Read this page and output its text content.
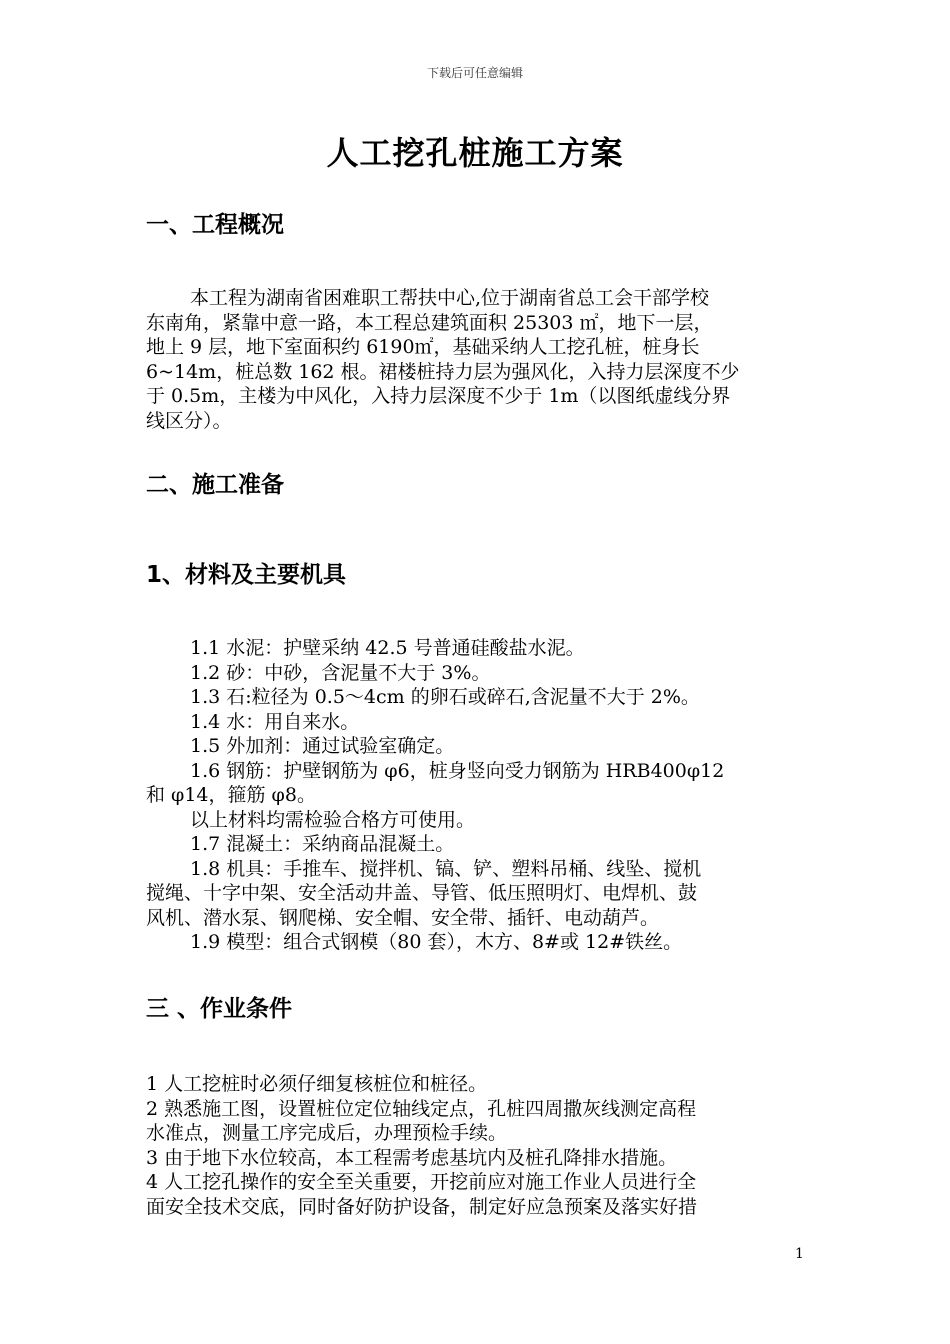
下载后可任意编辑
人工挖孔桩施工方案
一、工程概况
本工程为湖南省困难职工帮扶中心,位于湖南省总工会干部学校
东南角，紧靠中意一路，本工程总建筑面积 25303 ㎡，地下一层，
地上 9 层，地下室面积约 6190㎡，基础采纳人工挖孔桩，桩身长
6~14m，桩总数 162 根。裙楼桩持力层为强风化，入持力层深度不少
于 0.5m，主楼为中风化，入持力层深度不少于 1m（以图纸虚线分界
线区分）。
二、施工准备
1、材料及主要机具
1.1 水泥：护壁采纳 42.5 号普通硅酸盐水泥。
1.2 砂：中砂，含泥量不大于 3%。
1.3 石:粒径为 0.5～4cm 的卵石或碎石,含泥量不大于 2%。
1.4 水：用自来水。
1.5 外加剂：通过试验室确定。
1.6 钢筋：护壁钢筋为 φ6，桩身竖向受力钢筋为 HRB400φ12
和 φ14，箍筋 φ8。
以上材料均需检验合格方可使用。
1.7 混凝土：采纳商品混凝土。
1.8 机具：手推车、搅拌机、镐、铲、塑料吊桶、线坠、搅机
搅绳、十字中架、安全活动井盖、导管、低压照明灯、电焊机、鼓
风机、潜水泵、钢爬梯、安全帽、安全带、插钎、电动葫芦。
1.9 模型：组合式钢模（80 套），木方、8#或 12#铁丝。
三 、作业条件
1 人工挖桩时必须仔细复核桩位和桩径。
2 熟悉施工图，设置桩位定位轴线定点，孔桩四周撒灰线测定高程
水准点，测量工序完成后，办理预检手续。
3 由于地下水位较高，本工程需考虑基坑内及桩孔降排水措施。
4 人工挖孔操作的安全至关重要，开挖前应对施工作业人员进行全
面安全技术交底，同时备好防护设备，制定好应急预案及落实好措
1
